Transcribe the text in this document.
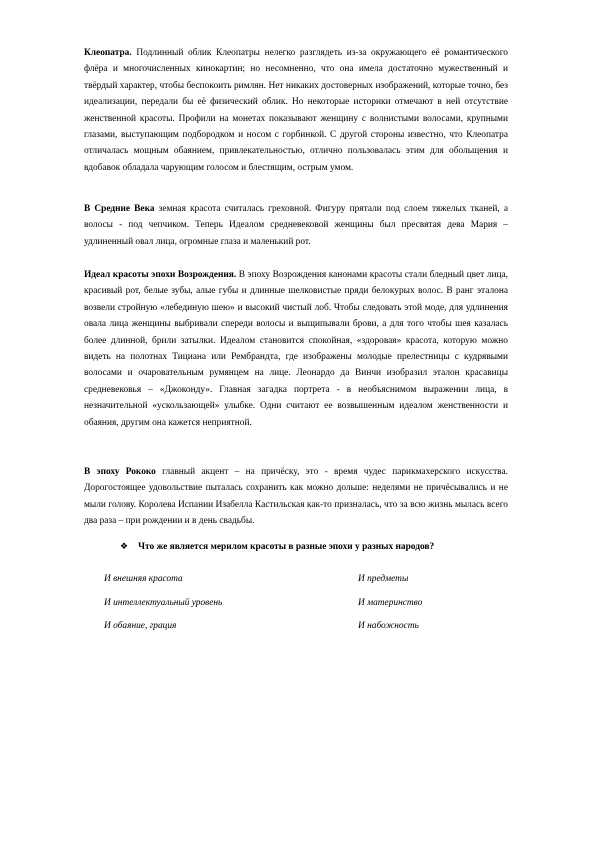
Клеопатра. Подлинный облик Клеопатры нелегко разглядеть из-за окружающего её романтического флёра и многочисленных кинокартин; но несомненно, что она имела достаточно мужественный и твёрдый характер, чтобы беспокоить римлян. Нет никаких достоверных изображений, которые точно, без идеализации, передали бы её физический облик. Но некоторые историки отмечают в ней отсутствие женственной красоты. Профили на монетах показывают женщину с волнистыми волосами, крупными глазами, выступающим подбородком и носом с горбинкой. С другой стороны известно, что Клеопатра отличалась мощным обаянием, привлекательностью, отлично пользовалась этим для обольщения и вдобавок обладала чарующим голосом и блестящим, острым умом.

В Средние Века земная красота считалась греховной. Фигуру прятали под слоем тяжелых тканей, а волосы - под чепчиком. Теперь Идеалом средневековой женщины был пресвятая дева Мария – удлиненный овал лица, огромные глаза и маленький рот.

Идеал красоты эпохи Возрождения. В эпоху Возрождения канонами красоты стали бледный цвет лица, красивый рот, белые зубы, алые губы и длинные шелковистые пряди белокурых волос. В ранг эталона возвели стройную «лебединую шею» и высокий чистый лоб. Чтобы следовать этой моде, для удлинения овала лица женщины выбривали спереди волосы и выщипывали брови, а для того чтобы шея казалась более длинной, брили затылки. Идеалом становится спокойная, «здоровая» красота, которую можно видеть на полотнах Тициана или Рембрандта, где изображены молодые прелестницы с кудрявыми волосами и очаровательным румянцем на лице. Леонардо да Винчи изобразил эталон красавицы средневековья – «Джоконду». Главная загадка портрета - в необъяснимом выражении лица, в незначительной «ускользающей» улыбке. Одни считают ее возвышенным идеалом женственности и обаяния, другим она кажется неприятной.

В эпоху Рококо главный акцент – на причёску, это - время чудес парикмахерского искусства. Дорогостоящее удовольствие пыталась сохранить как можно дольше: неделями не причёсывались и не мыли голову. Королева Испании Изабелла Кастильская как-то призналась, что за всю жизнь мылась всего два раза – при рождении и в день свадьбы.

❖ Что же является мерилом красоты в разные эпохи у разных народов?
И внешняя красота
И интеллектуальный уровень
И обаяние, грация
И предметы
И материнство
И набожность
